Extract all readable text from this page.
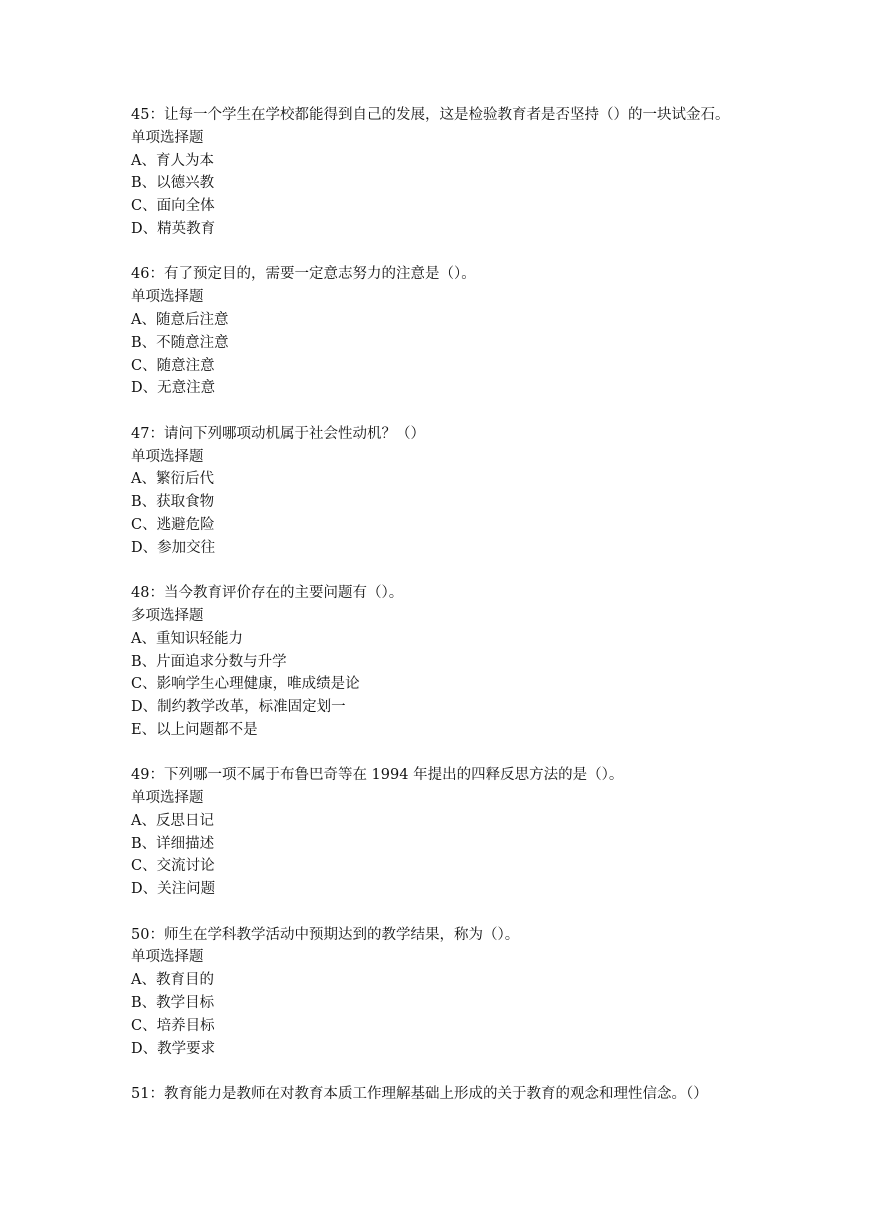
45：让每一个学生在学校都能得到自己的发展，这是检验教育者是否坚持（）的一块试金石。
单项选择题
A、育人为本
B、以德兴教
C、面向全体
D、精英教育
46：有了预定目的，需要一定意志努力的注意是（）。
单项选择题
A、随意后注意
B、不随意注意
C、随意注意
D、无意注意
47：请问下列哪项动机属于社会性动机？（）
单项选择题
A、繁衍后代
B、获取食物
C、逃避危险
D、参加交往
48：当今教育评价存在的主要问题有（）。
多项选择题
A、重知识轻能力
B、片面追求分数与升学
C、影响学生心理健康，唯成绩是论
D、制约教学改革，标准固定划一
E、以上问题都不是
49：下列哪一项不属于布鲁巴奇等在 1994 年提出的四释反思方法的是（）。
单项选择题
A、反思日记
B、详细描述
C、交流讨论
D、关注问题
50：师生在学科教学活动中预期达到的教学结果，称为（）。
单项选择题
A、教育目的
B、教学目标
C、培养目标
D、教学要求
51：教育能力是教师在对教育本质工作理解基础上形成的关于教育的观念和理性信念。（）
